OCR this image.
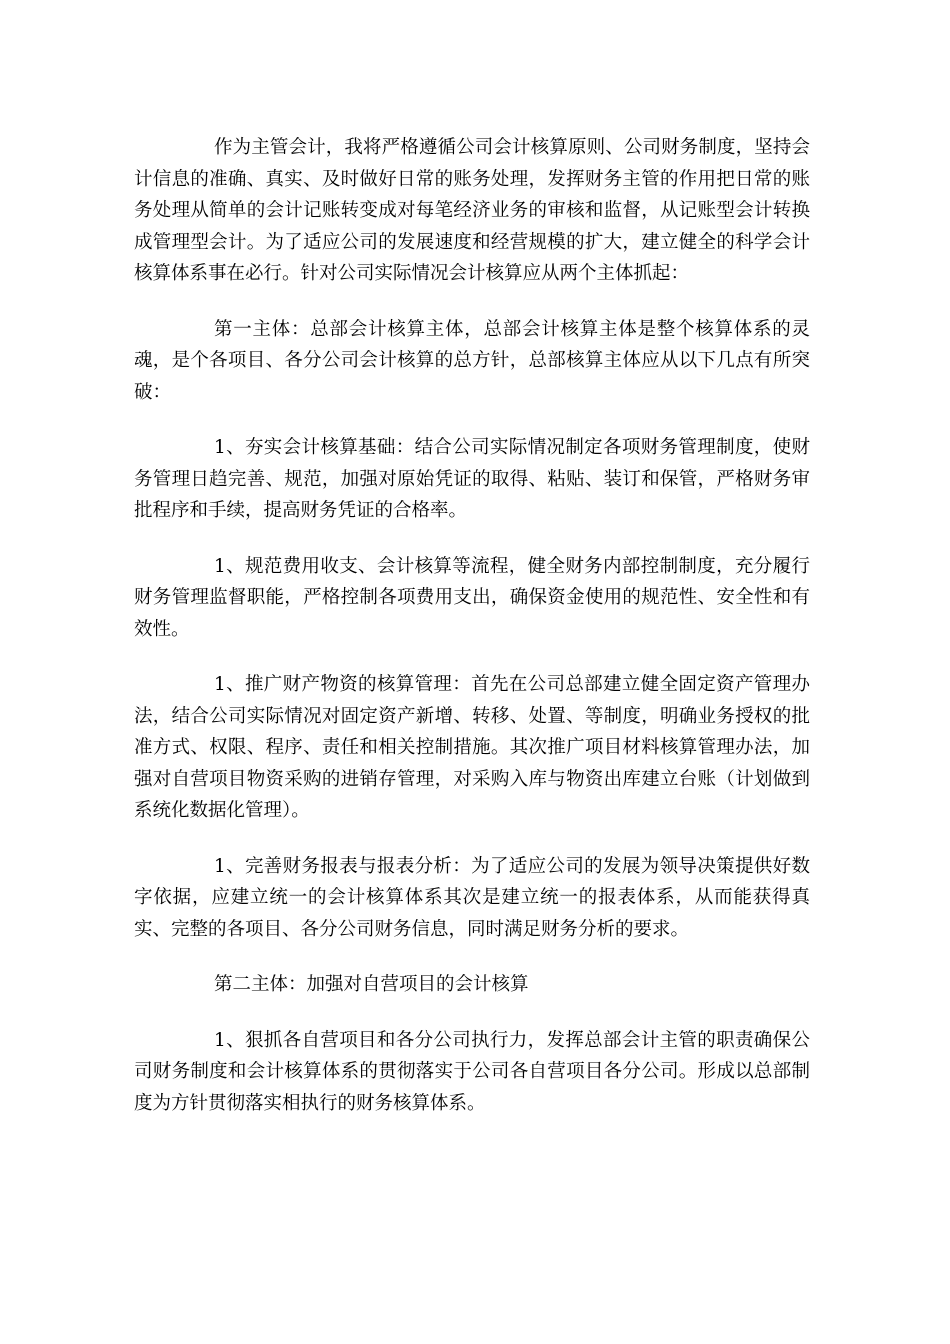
作为主管会计，我将严格遵循公司会计核算原则、公司财务制度，坚持会计信息的准确、真实、及时做好日常的账务处理，发挥财务主管的作用把日常的账务处理从简单的会计记账转变成对每笔经济业务的审核和监督，从记账型会计转换成管理型会计。为了适应公司的发展速度和经营规模的扩大，建立健全的科学会计核算体系事在必行。针对公司实际情况会计核算应从两个主体抓起：

第一主体：总部会计核算主体，总部会计核算主体是整个核算体系的灵魂，是个各项目、各分公司会计核算的总方针，总部核算主体应从以下几点有所突破：

1、夯实会计核算基础：结合公司实际情况制定各项财务管理制度，使财务管理日趋完善、规范，加强对原始凭证的取得、粘贴、装订和保管，严格财务审批程序和手续，提高财务凭证的合格率。

1、规范费用收支、会计核算等流程，健全财务内部控制制度，充分履行财务管理监督职能，严格控制各项费用支出，确保资金使用的规范性、安全性和有效性。

1、推广财产物资的核算管理：首先在公司总部建立健全固定资产管理办法，结合公司实际情况对固定资产新增、转移、处置、等制度，明确业务授权的批准方式、权限、程序、责任和相关控制措施。其次推广项目材料核算管理办法，加强对自营项目物资采购的进销存管理，对采购入库与物资出库建立台账（计划做到系统化数据化管理）。

1、完善财务报表与报表分析：为了适应公司的发展为领导决策提供好数字依据，应建立统一的会计核算体系其次是建立统一的报表体系，从而能获得真实、完整的各项目、各分公司财务信息，同时满足财务分析的要求。

第二主体：加强对自营项目的会计核算

1、狠抓各自营项目和各分公司执行力，发挥总部会计主管的职责确保公司财务制度和会计核算体系的贯彻落实于公司各自营项目各分公司。形成以总部制度为方针贯彻落实相执行的财务核算体系。
